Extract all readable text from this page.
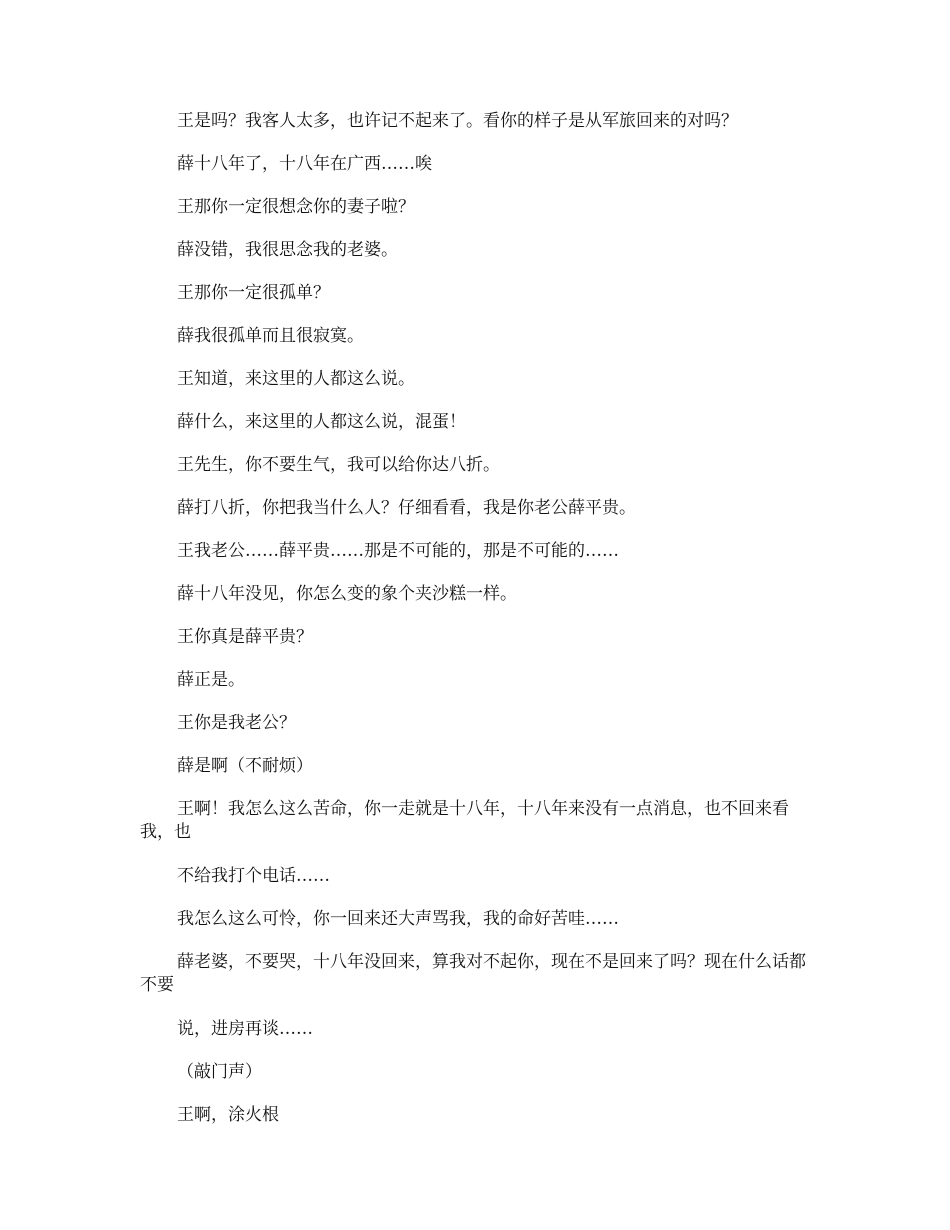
王是吗？我客人太多，也许记不起来了。看你的样子是从军旅回来的对吗？

薛十八年了，十八年在广西……唉

王那你一定很想念你的妻子啦？

薛没错，我很思念我的老婆。

王那你一定很孤单？

薛我很孤单而且很寂寞。

王知道，来这里的人都这么说。

薛什么，来这里的人都这么说，混蛋！

王先生，你不要生气，我可以给你达八折。

薛打八折，你把我当什么人？仔细看看，我是你老公薛平贵。

王我老公……薛平贵……那是不可能的，那是不可能的……

薛十八年没见，你怎么变的象个夹沙糕一样。

王你真是薛平贵？

薛正是。

王你是我老公？

薛是啊（不耐烦）

王啊！我怎么这么苦命，你一走就是十八年，十八年来没有一点消息，也不回来看我，也

不给我打个电话……

我怎么这么可怜，你一回来还大声骂我，我的命好苦哇……

薛老婆，不要哭，十八年没回来，算我对不起你，现在不是回来了吗？现在什么话都不要

说，进房再谈……

（敲门声）

王啊，涂火根
